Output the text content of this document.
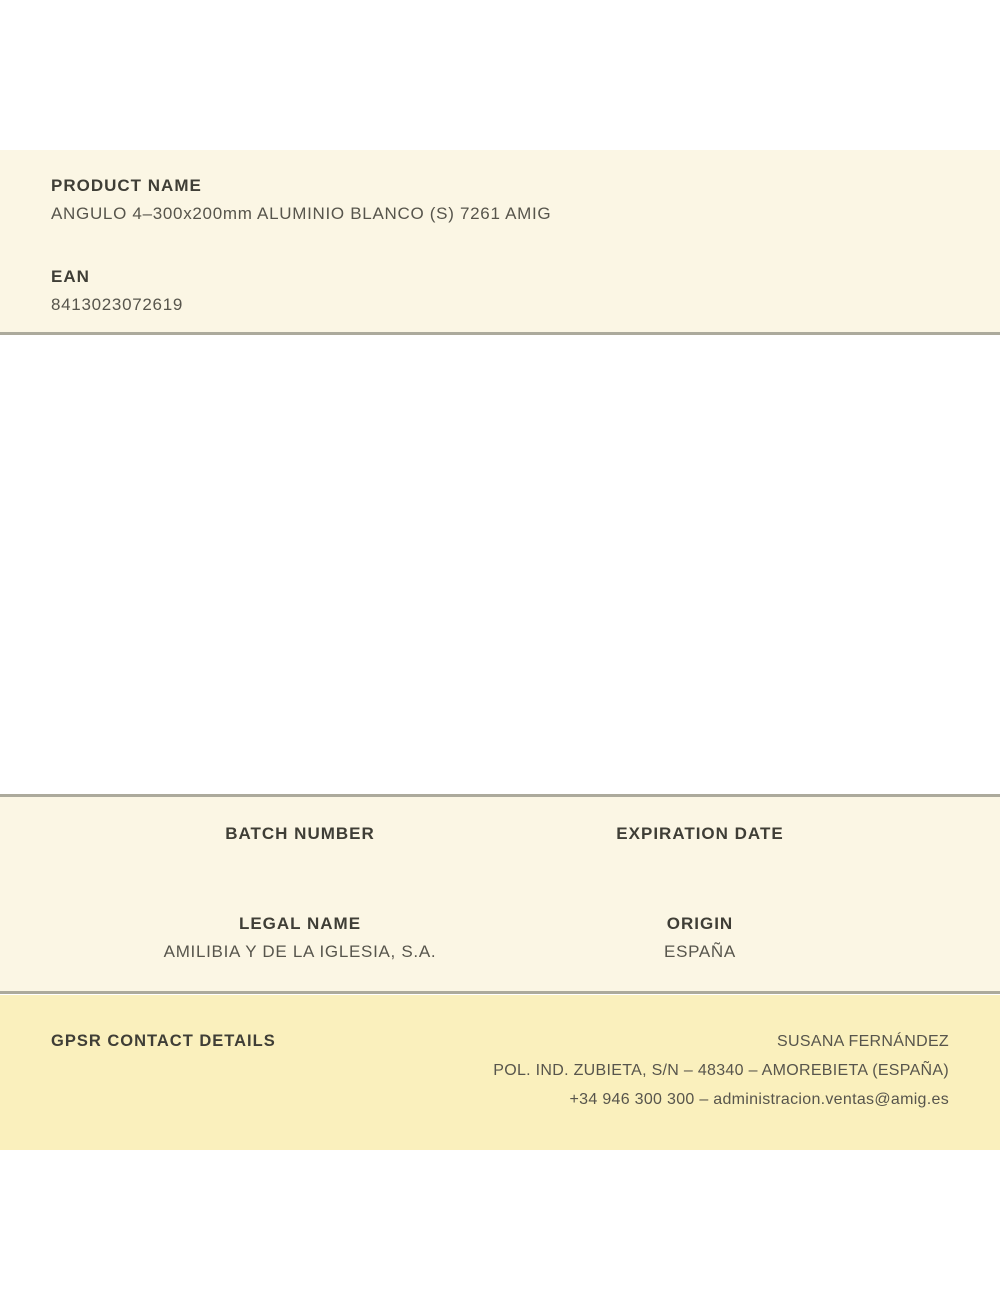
PRODUCT NAME
ANGULO 4–300x200mm ALUMINIO BLANCO (S) 7261 AMIG
EAN
8413023072619
BATCH NUMBER	EXPIRATION DATE
LEGAL NAME
AMILIBIA Y DE LA IGLESIA, S.A.
ORIGIN
ESPAÑA
GPSR CONTACT DETAILS	SUSANA FERNÁNDEZ
POL. IND. ZUBIETA, S/N – 48340 – AMOREBIETA (ESPAÑA)
+34 946 300 300 – administracion.ventas@amig.es
